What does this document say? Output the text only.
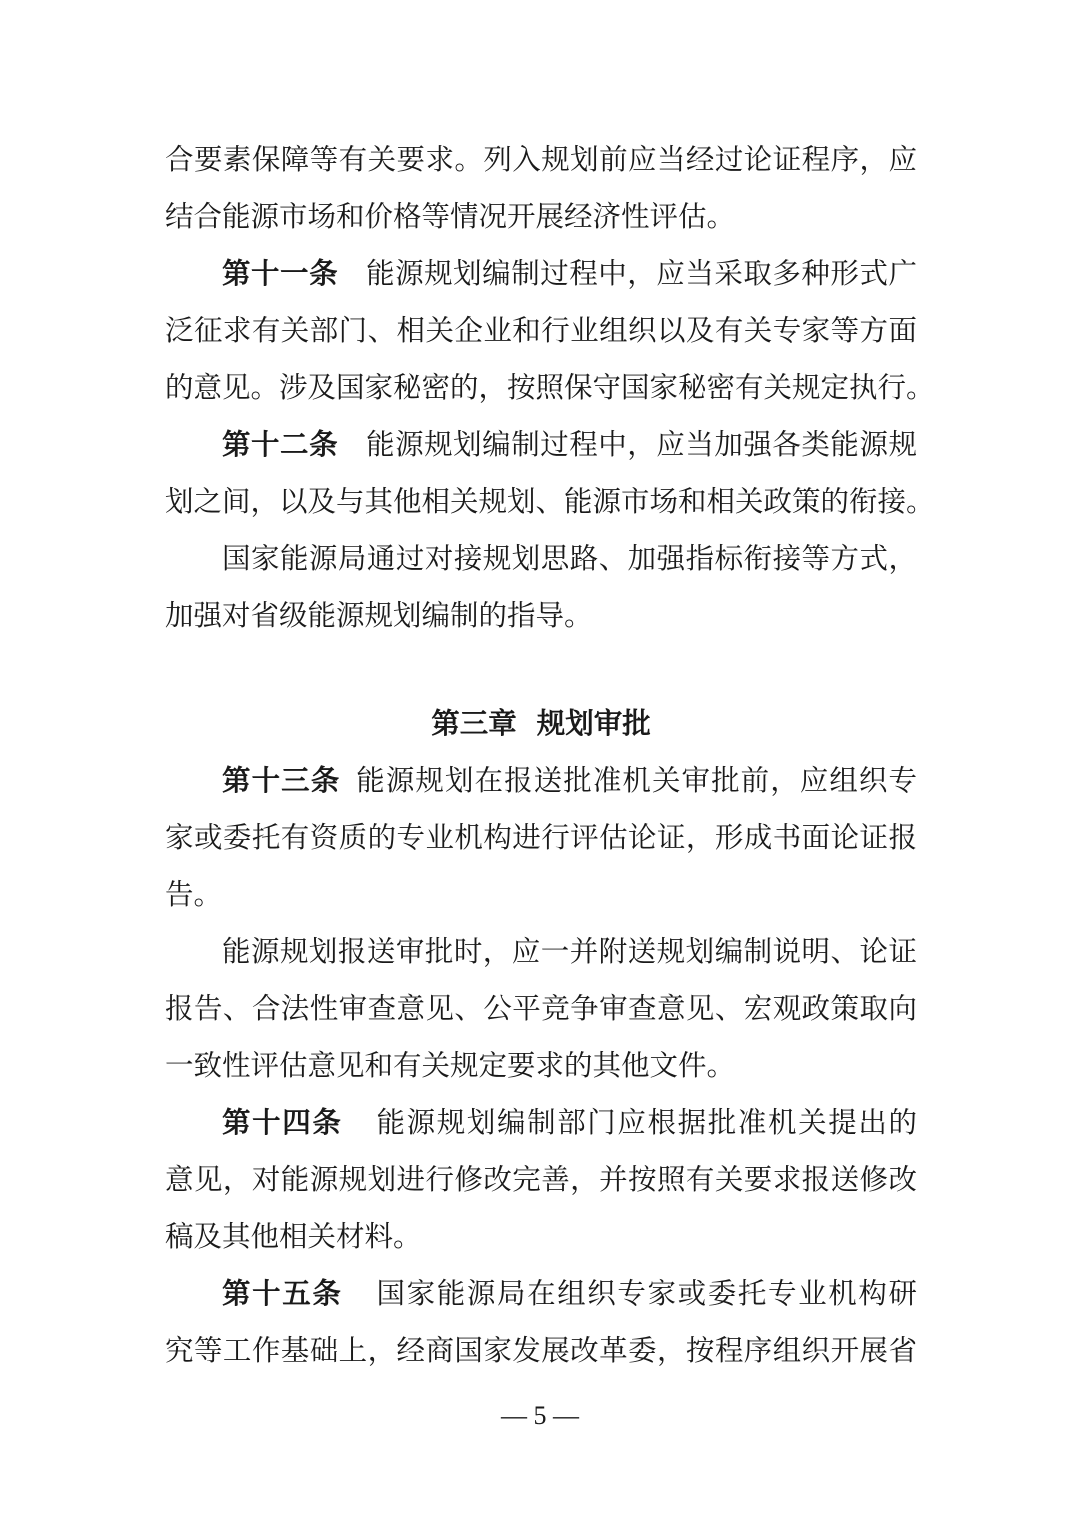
合要素保障等有关要求。列入规划前应当经过论证程序，应
结合能源市场和价格等情况开展经济性评估。
第十一条 能源规划编制过程中，应当采取多种形式广
泛征求有关部门、相关企业和行业组织以及有关专家等方面
的意见。涉及国家秘密的，按照保守国家秘密有关规定执行。
第十二条 能源规划编制过程中，应当加强各类能源规
划之间，以及与其他相关规划、能源市场和相关政策的衔接。
国家能源局通过对接规划思路、加强指标衔接等方式，
加强对省级能源规划编制的指导。
第三章 规划审批
第十三条 能源规划在报送批准机关审批前，应组织专
家或委托有资质的专业机构进行评估论证，形成书面论证报
告。
能源规划报送审批时，应一并附送规划编制说明、论证
报告、合法性审查意见、公平竞争审查意见、宏观政策取向
一致性评估意见和有关规定要求的其他文件。
第十四条 能源规划编制部门应根据批准机关提出的
意见，对能源规划进行修改完善，并按照有关要求报送修改
稿及其他相关材料。
第十五条 国家能源局在组织专家或委托专业机构研
究等工作基础上，经商国家发展改革委，按程序组织开展省
— 5 —
